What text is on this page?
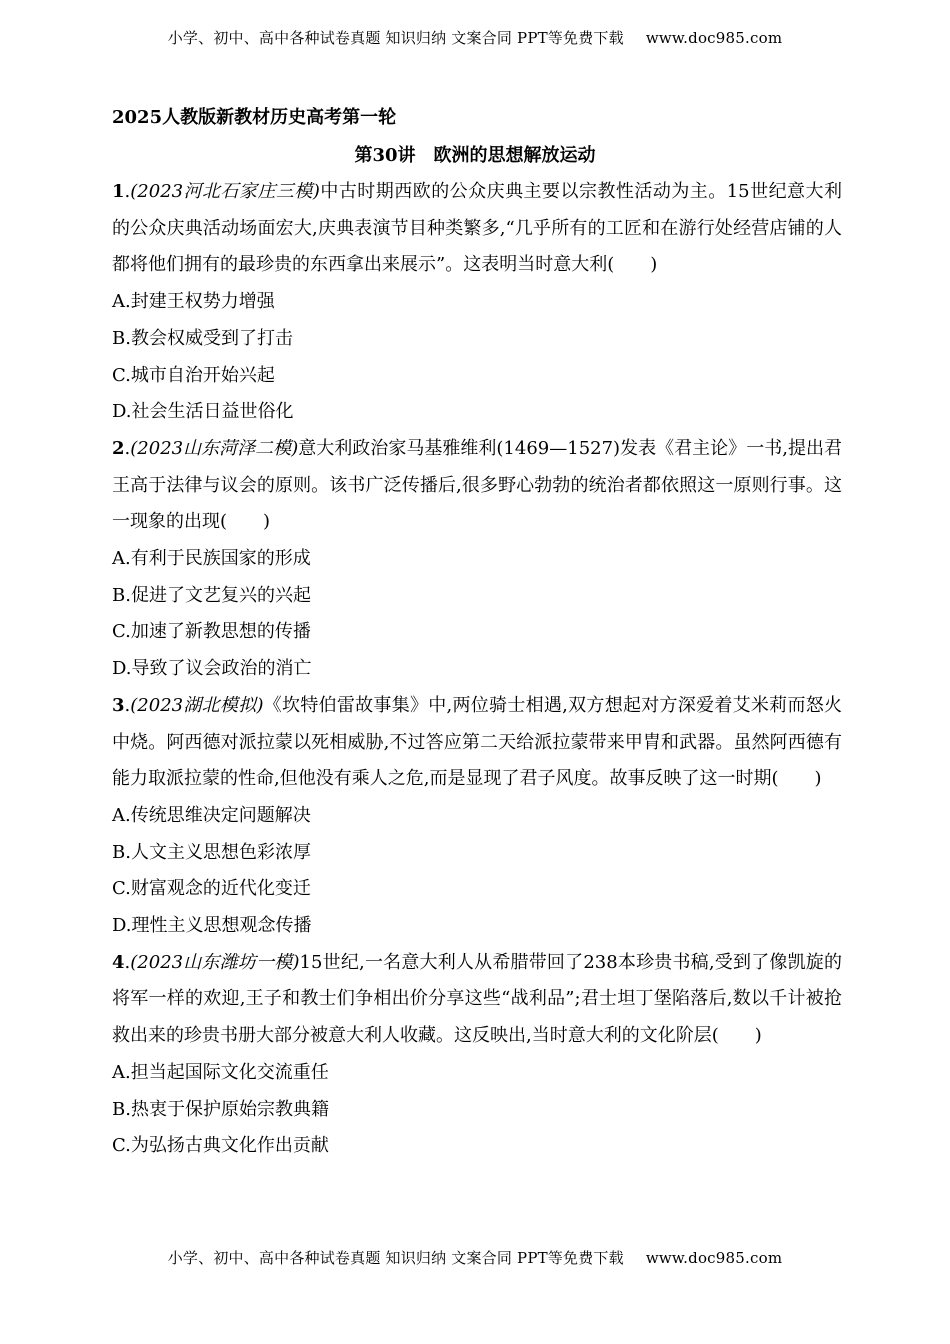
小学、初中、高中各种试卷真题 知识归纳 文案合同 PPT等免费下载 www.doc985.com
2025人教版新教材历史高考第一轮
第30讲　欧洲的思想解放运动

1.(2023河北石家庄三模)中古时期西欧的公众庆典主要以宗教性活动为主。15世纪意大利的公众庆典活动场面宏大,庆典表演节目种类繁多,“几乎所有的工匠和在游行处经营店铺的人都将他们拥有的最珍贵的东西拿出来展示”。这表明当时意大利(　　)

A.封建王权势力增强

B.教会权威受到了打击

C.城市自治开始兴起

D.社会生活日益世俗化

2.(2023山东菏泽二模)意大利政治家马基雅维利(1469—1527)发表《君主论》一书,提出君王高于法律与议会的原则。该书广泛传播后,很多野心勃勃的统治者都依照这一原则行事。这一现象的出现(　　)

A.有利于民族国家的形成

B.促进了文艺复兴的兴起

C.加速了新教思想的传播

D.导致了议会政治的消亡

3.(2023湖北模拟)《坎特伯雷故事集》中,两位骑士相遇,双方想起对方深爱着艾米莉而怒火中烧。阿西德对派拉蒙以死相威胁,不过答应第二天给派拉蒙带来甲胄和武器。虽然阿西德有能力取派拉蒙的性命,但他没有乘人之危,而是显现了君子风度。故事反映了这一时期(　　)

A.传统思维决定问题解决

B.人文主义思想色彩浓厚

C.财富观念的近代化变迁

D.理性主义思想观念传播

4.(2023山东潍坊一模)15世纪,一名意大利人从希腊带回了238本珍贵书稿,受到了像凯旋的将军一样的欢迎,王子和教士们争相出价分享这些“战利品”;君士坦丁堡陷落后,数以千计被抢救出来的珍贵书册大部分被意大利人收藏。这反映出,当时意大利的文化阶层(　　)

A.担当起国际文化交流重任

B.热衷于保护原始宗教典籍

C.为弘扬古典文化作出贡献

小学、初中、高中各种试卷真题 知识归纳 文案合同 PPT等免费下载 www.doc985.com
